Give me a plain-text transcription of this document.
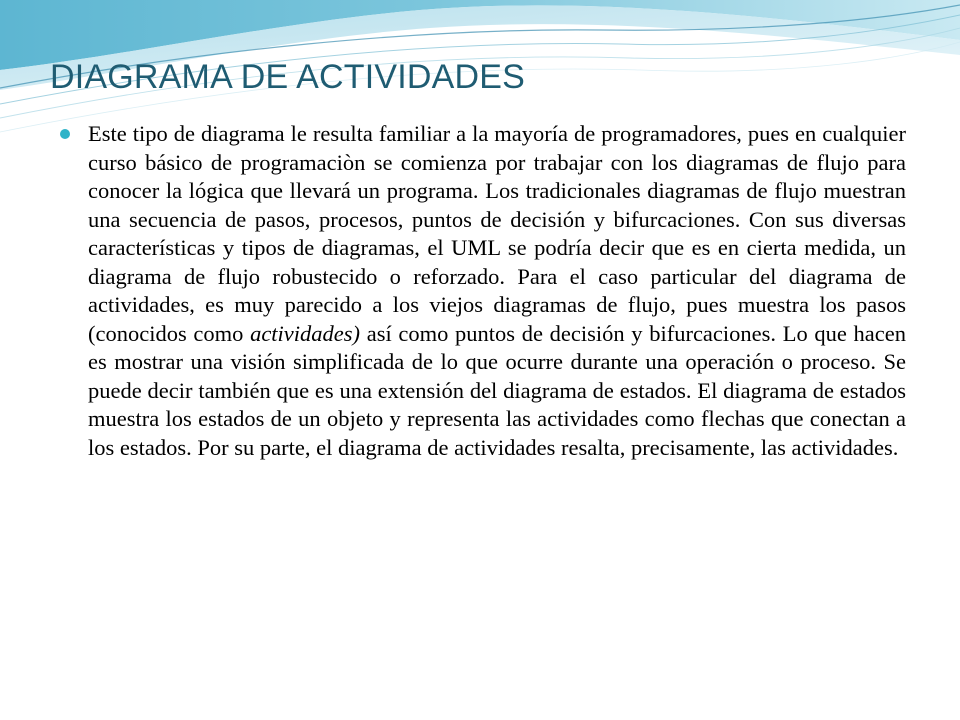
DIAGRAMA DE ACTIVIDADES

Este tipo de diagrama le resulta familiar a la mayoría de programadores, pues en cualquier curso básico de programaciòn se comienza por trabajar con los diagramas de flujo para conocer la lógica que llevará un programa. Los tradicionales diagramas de flujo muestran una secuencia de pasos, procesos, puntos de decisión y bifurcaciones. Con sus diversas características y tipos de diagramas, el UML se podría decir que es en cierta medida, un diagrama de flujo robustecido o reforzado. Para el caso particular del diagrama de actividades, es muy parecido a los viejos diagramas de flujo, pues muestra los pasos (conocidos como actividades) así como puntos de decisión y bifurcaciones. Lo que hacen es mostrar una visión simplificada de lo que ocurre durante una operación o proceso. Se puede decir también que es una extensión del diagrama de estados. El diagrama de estados muestra los estados de un objeto y representa las actividades como flechas que conectan a los estados. Por su parte, el diagrama de actividades resalta, precisamente, las actividades.
